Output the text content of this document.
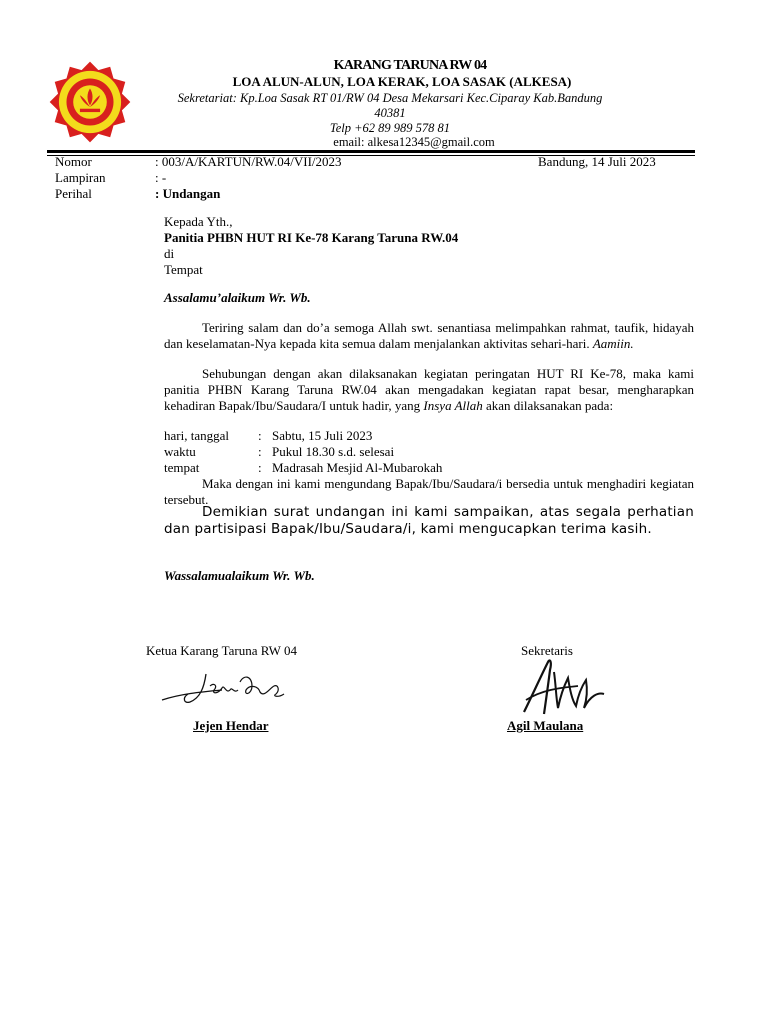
KARANG TARUNA RW 04
LOA ALUN-ALUN, LOA KERAK, LOA SASAK (ALKESA)
Sekretariat: Kp.Loa Sasak RT 01/RW 04 Desa Mekarsari Kec.Ciparay Kab.Bandung
40381
Telp +62 89 989 578 81
email: alkesa12345@gmail.com
Nomor	: 003/A/KARTUN/RW.04/VII/2023	Bandung, 14 Juli 2023
Lampiran	: -
Perihal	: Undangan
Kepada Yth.,
Panitia PHBN HUT RI Ke-78 Karang Taruna RW.04
di
Tempat
Assalamu’alaikum Wr. Wb.
Teriring salam dan do’a semoga Allah swt. senantiasa melimpahkan rahmat, taufik, hidayah dan keselamatan-Nya kepada kita semua dalam menjalankan aktivitas sehari-hari. Aamiin.
Sehubungan dengan akan dilaksanakan kegiatan peringatan HUT RI Ke-78, maka kami panitia PHBN Karang Taruna RW.04 akan mengadakan kegiatan rapat besar, mengharapkan kehadiran Bapak/Ibu/Saudara/I untuk hadir, yang Insya Allah akan dilaksanakan pada:
hari, tanggal : Sabtu, 15 Juli 2023
waktu	: Pukul 18.30 s.d. selesai
tempat	: Madrasah Mesjid Al-Mubarokah
Maka dengan ini kami mengundang Bapak/Ibu/Saudara/i bersedia untuk menghadiri kegiatan tersebut.
Demikian surat undangan ini kami sampaikan, atas segala perhatian dan partisipasi Bapak/Ibu/Saudara/i, kami mengucapkan terima kasih.
Wassalamualaikum Wr. Wb.
Ketua Karang Taruna RW 04	Sekretaris
Jejen Hendar	Agil Maulana
